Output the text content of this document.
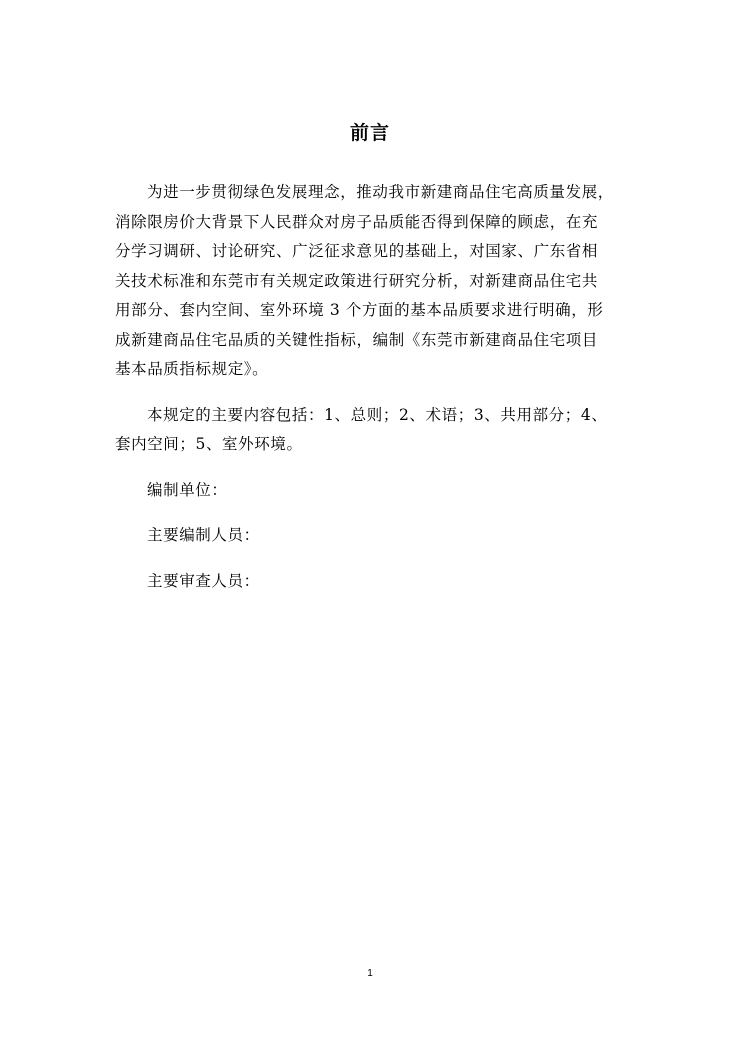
前言
为进一步贯彻绿色发展理念，推动我市新建商品住宅高质量发展，
消除限房价大背景下人民群众对房子品质能否得到保障的顾虑，在充
分学习调研、讨论研究、广泛征求意见的基础上，对国家、广东省相
关技术标准和东莞市有关规定政策进行研究分析，对新建商品住宅共
用部分、套内空间、室外环境 3 个方面的基本品质要求进行明确，形
成新建商品住宅品质的关键性指标，编制《东莞市新建商品住宅项目
基本品质指标规定》。
本规定的主要内容包括：1、总则；2、术语；3、共用部分；4、
套内空间；5、室外环境。
编制单位：
主要编制人员：
主要审查人员：
1
